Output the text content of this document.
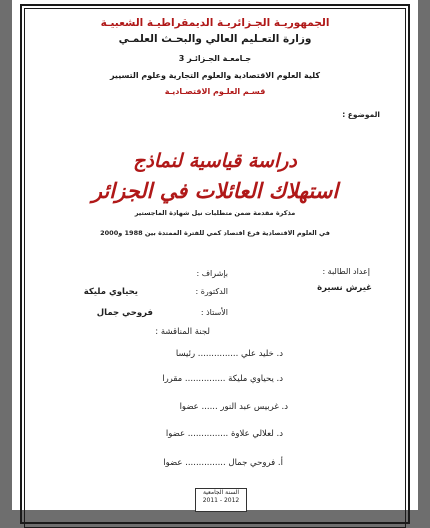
الجمهوريـة الجـزائريـة الديمقراطيـة الشعبيـة
وزارة التعـليم العالي والبحـث العلمـي
جـامعـة الجـزائـر 3
كلية العلوم الاقتصادية والعلوم التجارية وعلوم التسيير
قسـم العلـوم الاقتصـاديـة
الموضوع :
دراسة قياسية لنماذج
استهلاك العائلات في الجزائر
مذكرة مقدمة ضمن متطلبات نيل شهادة الماجستير
في العلوم الاقتصادية فرع اقتصاد كمي للفترة الممتدة بين 1988 و2000
إعداد الطالبة :
غيرش نسيرة
بإشراف :
الدكتورة :
يحياوي مليكة
الأستاذ :
فروحي جمال
لجنة المناقشة :
د. خليد علي ............... رئيسا
د. يحياوي مليكة ............... مقررا
د. غربيس عبد النور ...... عضوا
د. لعلالي علاوة ............... عضوا
أ. فروحي جمال ............... عضوا
السنة الجامعية
2011 - 2012
